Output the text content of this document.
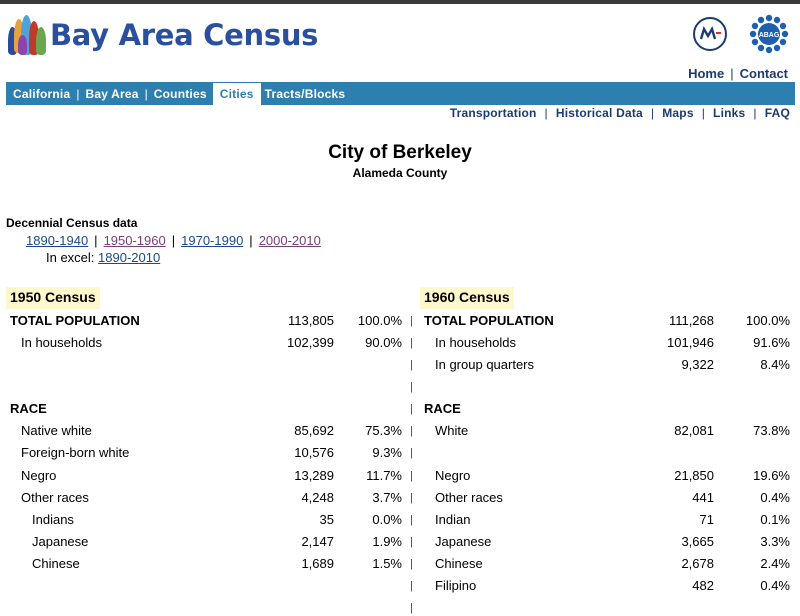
Bay Area Census	ABAG
Home | Contact
California | Bay Area | Counties	Cities Tracts/Blocks
Transportation | Historical Data | Maps | Links | FAQ
City of Berkeley
Alameda County
Decennial Census data
1890-1940 | 1950-1960 | 1970-1990 | 2000-2010
In excel: 1890-2010
1950 Census
TOTAL POPULATION	113,805	100.0%
In households	102,399	90.0%
RACE
Native white	85,692	75.3%
Foreign-born white	10,576	9.3%
Negro	13,289	11.7%
Other races	4,248	3.7%
Indians	35	0.0%
Japanese	2,147	1.9%
Chinese	1,689	1.5%
|
|
|
|
|
|
|
|
|
|
|
|
|
|
1960 Census
TOTAL POPULATION	111,268	100.0%
In households	101,946	91.6%
In group quarters	9,322	8.4%
RACE
White	82,081	73.8%
Negro	21,850	19.6%
Other races	441	0.4%
Indian	71	0.1%
Japanese	3,665	3.3%
Chinese	2,678	2.4%
Filipino	482	0.4%
